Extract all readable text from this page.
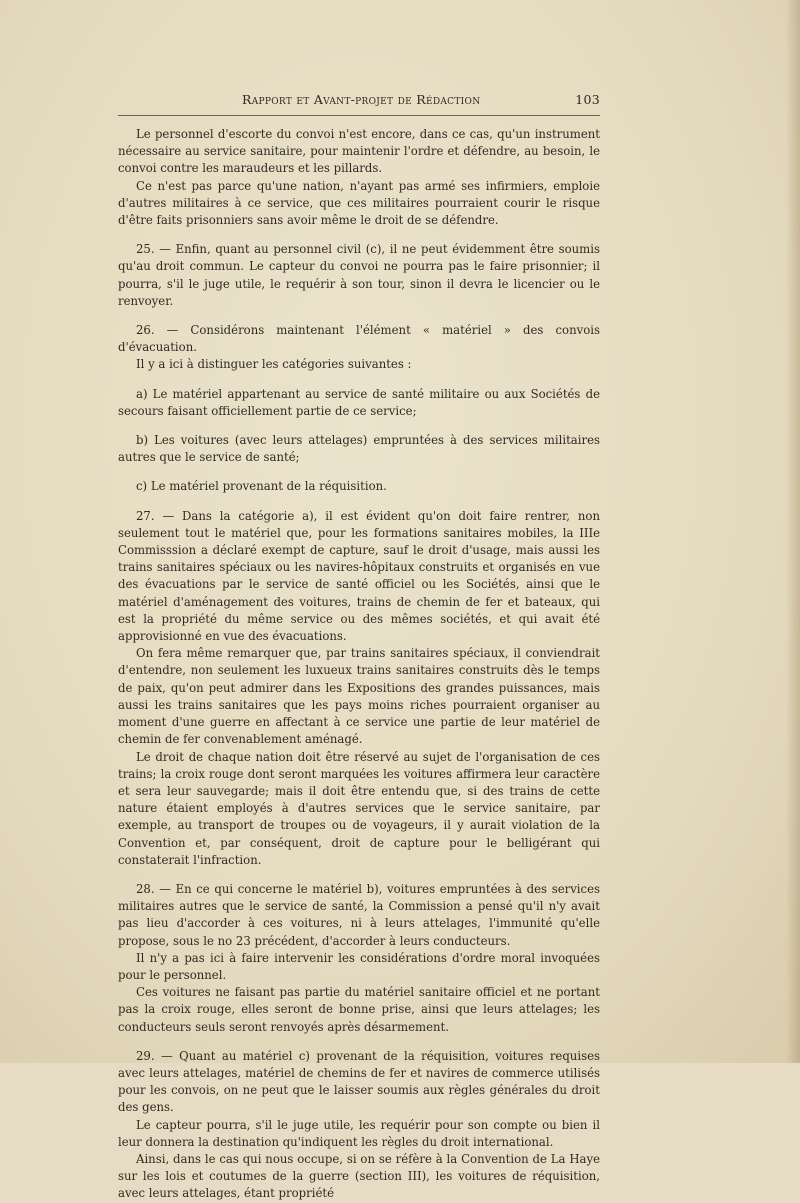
Rapport et Avant-projet de Rédaction	103

Le personnel d'escorte du convoi n'est encore, dans ce cas, qu'un instrument nécessaire au service sanitaire, pour maintenir l'ordre et défendre, au besoin, le convoi contre les maraudeurs et les pillards.

Ce n'est pas parce qu'une nation, n'ayant pas armé ses infirmiers, emploie d'autres militaires à ce service, que ces militaires pourraient courir le risque d'être faits prisonniers sans avoir même le droit de se défendre.

25. — Enfin, quant au personnel civil (c), il ne peut évidemment être soumis qu'au droit commun. Le capteur du convoi ne pourra pas le faire prisonnier; il pourra, s'il le juge utile, le requérir à son tour, sinon il devra le licencier ou le renvoyer.

26. — Considérons maintenant l'élément « matériel » des convois d'évacuation.

Il y a ici à distinguer les catégories suivantes :

a) Le matériel appartenant au service de santé militaire ou aux Sociétés de secours faisant officiellement partie de ce service;

b) Les voitures (avec leurs attelages) empruntées à des services militaires autres que le service de santé;

c) Le matériel provenant de la réquisition.

27. — Dans la catégorie a), il est évident qu'on doit faire rentrer, non seulement tout le matériel que, pour les formations sanitaires mobiles, la IIIe Commisssion a déclaré exempt de capture, sauf le droit d'usage, mais aussi les trains sanitaires spéciaux ou les navires-hôpitaux construits et organisés en vue des évacuations par le service de santé officiel ou les Sociétés, ainsi que le matériel d'aménagement des voitures, trains de chemin de fer et bateaux, qui est la propriété du même service ou des mêmes sociétés, et qui avait été approvisionné en vue des évacuations.

On fera même remarquer que, par trains sanitaires spéciaux, il conviendrait d'entendre, non seulement les luxueux trains sanitaires construits dès le temps de paix, qu'on peut admirer dans les Expositions des grandes puissances, mais aussi les trains sanitaires que les pays moins riches pourraient organiser au moment d'une guerre en affectant à ce service une partie de leur matériel de chemin de fer convenablement aménagé.

Le droit de chaque nation doit être réservé au sujet de l'organisation de ces trains; la croix rouge dont seront marquées les voitures affirmera leur caractère et sera leur sauvegarde; mais il doit être entendu que, si des trains de cette nature étaient employés à d'autres services que le service sanitaire, par exemple, au transport de troupes ou de voyageurs, il y aurait violation de la Convention et, par conséquent, droit de capture pour le belligérant qui constaterait l'infraction.

28. — En ce qui concerne le matériel b), voitures empruntées à des services militaires autres que le service de santé, la Commission a pensé qu'il n'y avait pas lieu d'accorder à ces voitures, ni à leurs attelages, l'immunité qu'elle propose, sous le no 23 précédent, d'accorder à leurs conducteurs.

Il n'y a pas ici à faire intervenir les considérations d'ordre moral invoquées pour le personnel.

Ces voitures ne faisant pas partie du matériel sanitaire officiel et ne portant pas la croix rouge, elles seront de bonne prise, ainsi que leurs attelages; les conducteurs seuls seront renvoyés après désarmement.

29. — Quant au matériel c) provenant de la réquisition, voitures requises avec leurs attelages, matériel de chemins de fer et navires de commerce utilisés pour les convois, on ne peut que le laisser soumis aux règles générales du droit des gens.

Le capteur pourra, s'il le juge utile, les requérir pour son compte ou bien il leur donnera la destination qu'indiquent les règles du droit international.

Ainsi, dans le cas qui nous occupe, si on se réfère à la Convention de La Haye sur les lois et coutumes de la guerre (section III), les voitures de réquisition, avec leurs attelages, étant propriété
